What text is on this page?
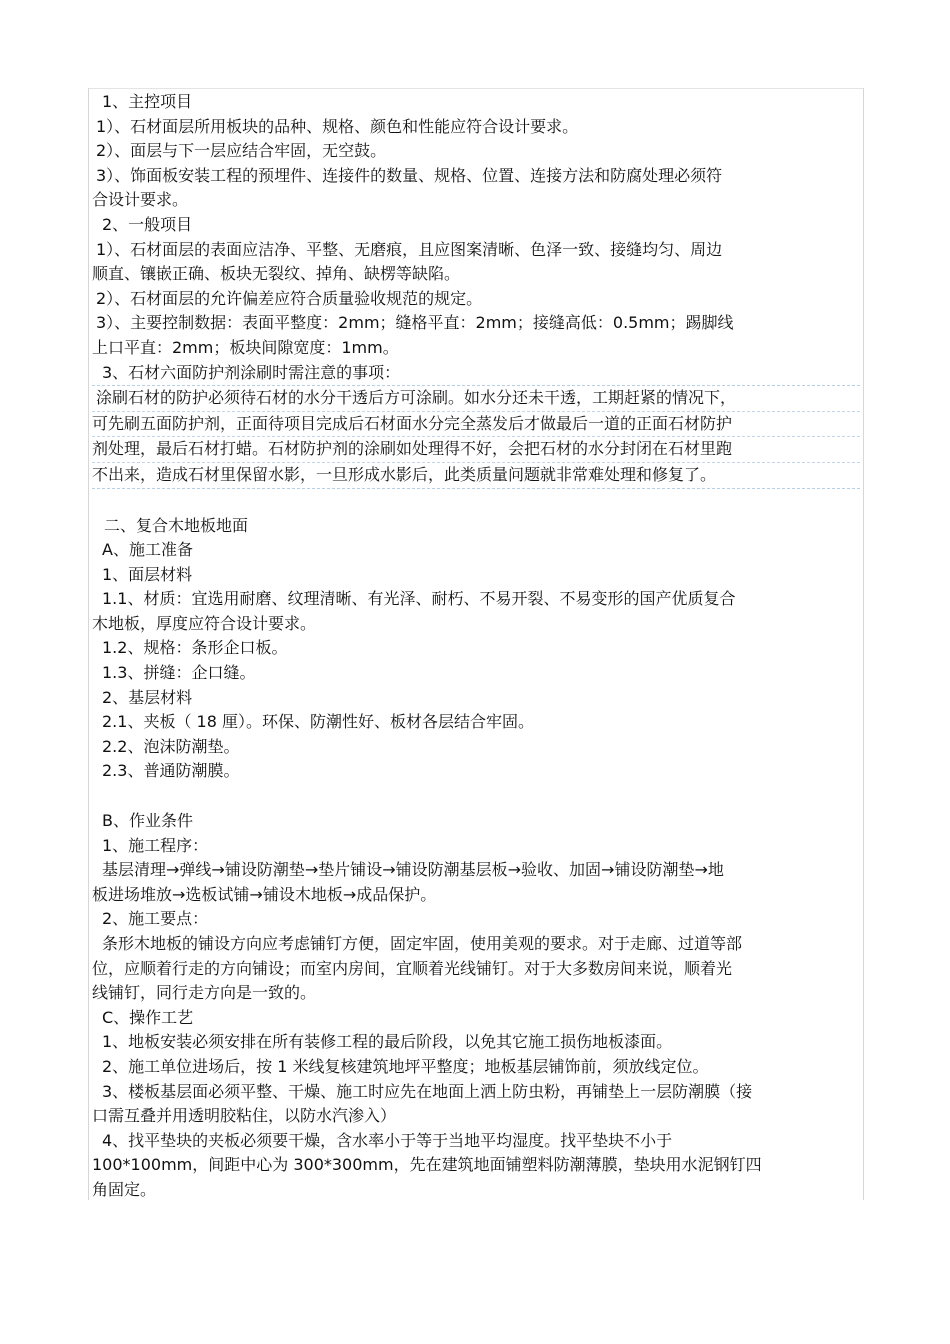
1、主控项目

1）、石材面层所用板块的品种、规格、颜色和性能应符合设计要求。

2）、面层与下一层应结合牢固，无空鼓。

3）、饰面板安装工程的预埋件、连接件的数量、规格、位置、连接方法和防腐处理必须符

合设计要求。

2、一般项目

1）、石材面层的表面应洁净、平整、无磨痕，且应图案清晰、色泽一致、接缝均匀、周边

顺直、镶嵌正确、板块无裂纹、掉角、缺楞等缺陷。

2）、石材面层的允许偏差应符合质量验收规范的规定。

3）、主要控制数据：表面平整度：2mm；缝格平直：2mm；接缝高低：0.5mm；踢脚线

上口平直：2mm；板块间隙宽度：1mm。

3、石材六面防护剂涂刷时需注意的事项：

涂刷石材的防护必须待石材的水分干透后方可涂刷。如水分还未干透，工期赶紧的情况下，

可先刷五面防护剂，正面待项目完成后石材面水分完全蒸发后才做最后一道的正面石材防护

剂处理，最后石材打蜡。石材防护剂的涂刷如处理得不好，会把石材的水分封闭在石材里跑

不出来，造成石材里保留水影，一旦形成水影后，此类质量问题就非常难处理和修复了。

二、复合木地板地面

A、施工准备

1、面层材料

1.1、材质：宜选用耐磨、纹理清晰、有光泽、耐朽、不易开裂、不易变形的国产优质复合

木地板，厚度应符合设计要求。

1.2、规格：条形企口板。

1.3、拼缝：企口缝。

2、基层材料

2.1、夹板（ 18 厘）。环保、防潮性好、板材各层结合牢固。

2.2、泡沫防潮垫。

2.3、普通防潮膜。

B、作业条件

1、施工程序：

基层清理→弹线→铺设防潮垫→垫片铺设→铺设防潮基层板→验收、加固→铺设防潮垫→地

板进场堆放→选板试铺→铺设木地板→成品保护。

2、施工要点：

条形木地板的铺设方向应考虑铺钉方便，固定牢固，使用美观的要求。对于走廊、过道等部

位，应顺着行走的方向铺设；而室内房间，宜顺着光线铺钉。对于大多数房间来说，顺着光

线铺钉，同行走方向是一致的。

C、操作工艺

1、地板安装必须安排在所有装修工程的最后阶段，以免其它施工损伤地板漆面。

2、施工单位进场后，按 1 米线复核建筑地坪平整度；地板基层铺饰前，须放线定位。

3、楼板基层面必须平整、干燥、施工时应先在地面上洒上防虫粉，再铺垫上一层防潮膜（接

口需互叠并用透明胶粘住，以防水汽渗入）

4、找平垫块的夹板必须要干燥，含水率小于等于当地平均湿度。找平垫块不小于

100*100mm，间距中心为 300*300mm，先在建筑地面铺塑料防潮薄膜，垫块用水泥钢钉四

角固定。
